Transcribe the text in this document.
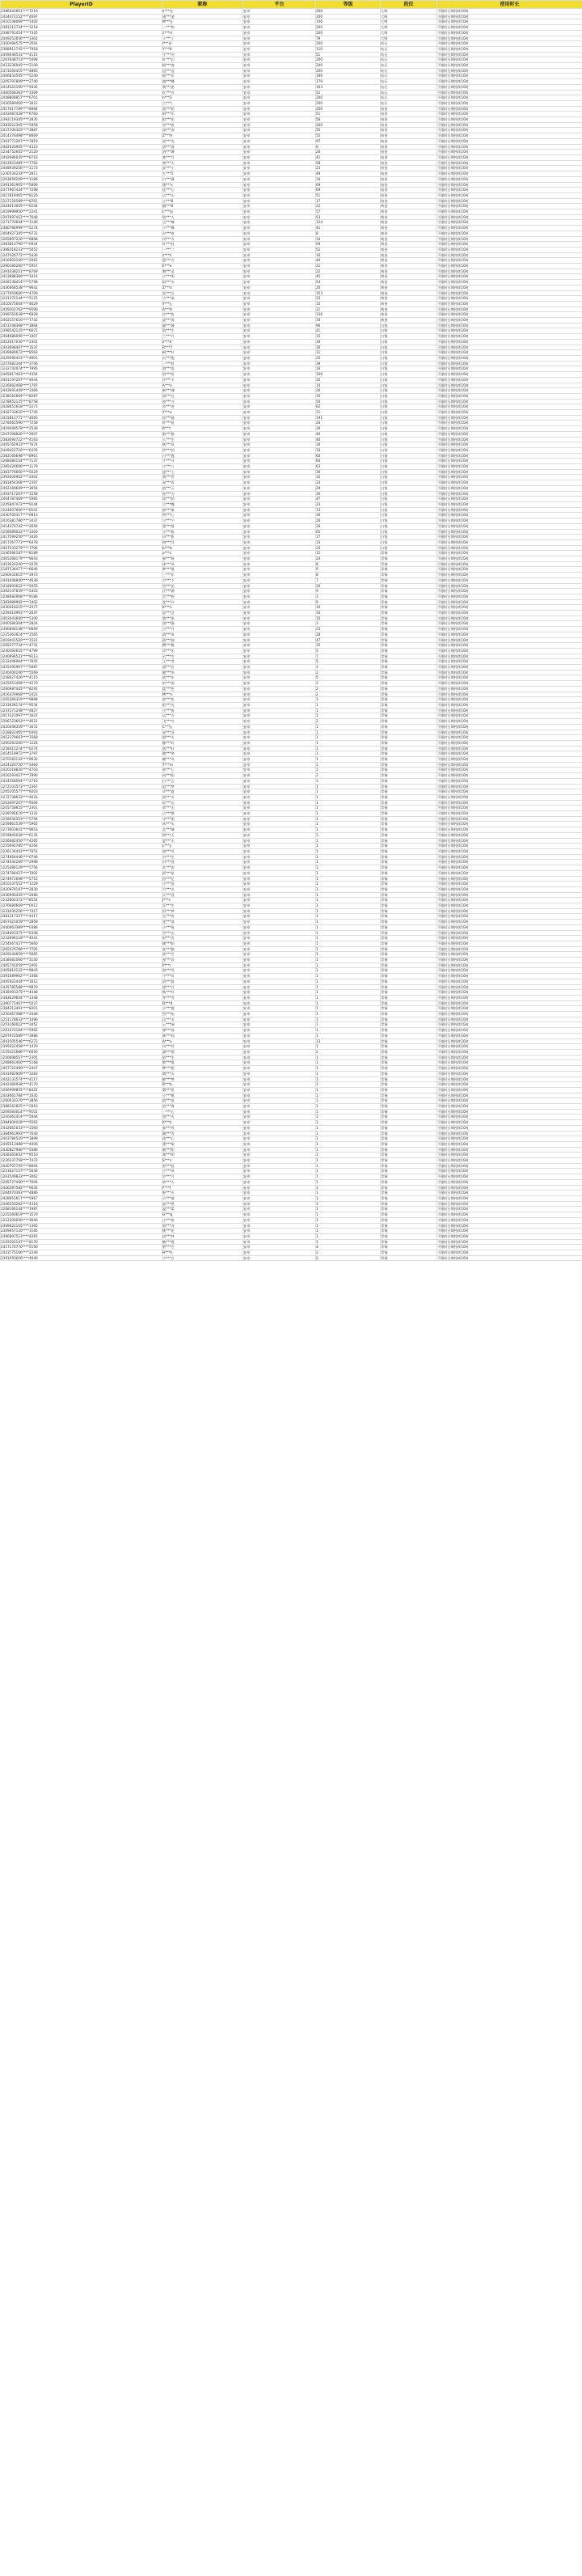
PlayerID	昵称	平台	等级	段位	使用时长
2386441661****7216	k***克	安卓	200	大师	不限时日期持续10时
2424471152****4697	靖***凌	安卓	200	大师	不限时日期持续10时
2410148089****1402	M***y	安卓	106	大师	不限时日期持续10时
2381212734****3218	一***狗	安卓	200	大师	不限时日期持续10时
2398791454****7345	z***叶	安卓	200	大师	不限时日期持续10时
2449352656****3302	ミ***了	安卓	79	大师	不限时日期持续10时
2350494575****3591	i***星	安卓	200	钻石	不限时日期持续10时
2368911745****7918	Y***8	安卓	110	钻石	不限时日期持续10时
2449048531****4115	寸***勿	安卓	51	钻石	不限时日期持续10时
1267648753****5498	叶***幻	安卓	200	钻石	不限时日期持续10时
2423236945****2100	枫***客	安卓	200	钻石	不限时日期持续10时
2373264455****4865	逗***逗	安卓	200	钻石	不限时日期持续10时
2446833505****5240	暗***乐	安卓	196	钻石	不限时日期持续10时
1205797809****2740	旗***蝶	安卓	179	钻石	不限时日期持续10时
2414521190****5935	我***思	安卓	163	钻石	不限时日期持续10时
2400568363****3369	红***衣	安卓	52	钻石	不限时日期持续10时
2448808857****6701	h***3	安卓	200	钻石	不限时日期持续10时
2430589400****3021	言***i	安卓	200	钻石	不限时日期持续10时
2417017789****8984	莫***陌	安卓	200	铂金	不限时日期持续10时
2443487428****6760	阿***乐	安卓	51	铂金	不限时日期持续10时
2392119345****2835	阳***花	安卓	56	铂金	不限时日期持续10时
2383022305****5958	零***夜	安卓	200	铂金	不限时日期持续10时
2437106325****3887	深***深	安卓	55	铂金	不限时日期持续10时
2414376498****8669	Z***A	安卓	55	铂金	不限时日期持续10时
2393771267****7819	星***光	安卓	97	铂金	不限时日期持续10时
2462020905****4323	清***清	安卓	6	铂金	不限时日期持续10时
1234752665****2120	洛***城	安卓	26	铂金	不限时日期持续10时
2442686035****8716	寒***月	安卓	41	铂金	不限时日期持续10时
2412623485****7762	我***天	安卓	58	铂金	不限时日期持续10时
2408939256****1173	安***小	安卓	23	铂金	不限时日期持续10时
1230530233****2811	九***5	安卓	49	铂金	不限时日期持续10时
1263659209****1186	白***潇	安卓	34	铂金	不限时日期持续10时
2391361905****5890	墨***s	安卓	69	铂金	不限时日期持续10时
2377967434****7298	佳***心	安卓	69	铂金	不限时日期持续10时
2417819465****8125	山***山	安卓	51	铂金	不限时日期持续10时
1237124589****8761	小***8	安卓	17	铂金	不限时日期持续10时
2424613005****6244	随***8	安卓	22	黄金	不限时日期持续10时
2419999950****2241	L***高	安卓	57	黄金	不限时日期持续10时
1267697452****7648	牧***人	安卓	53	黄金	不限时日期持续10时
1271770694****1146	玉***城	安卓	124	黄金	不限时日期持续10时
2380784999****5274	小***舞	安卓	41	黄金	不限时日期持续10时
2404927345****9731	夕***夜	安卓	8	黄金	不限时日期持续10时
1265897226****6898	风***火	安卓	34	黄金	不限时日期持续10时
2383813796****0924	叶***轻	安卓	59	黄金	不限时日期持续10时
2388318233****5052	一***二	安卓	52	黄金	不限时日期持续10时
1247426772****5436	z***h	安卓	16	黄金	不限时日期持续10时
2416903160****2062	蓝***天	安卓	40	黄金	不限时日期持续10时
2390180260****5957	E***e	安卓	21	黄金	不限时日期持续10时
2391038251****8769	舞***灵	安卓	22	黄金	不限时日期持续10时
2423688389****3414	小***明	安卓	45	黄金	不限时日期持续10时
2428138414****5798	似***水	安卓	54	黄金	不限时日期持续10时
2436068538****9642	Z***o	安卓	20	黄金	不限时日期持续10时
2377050606****4709	苏***白	安卓	153	黄金	不限时日期持续10时
1231372144****5125	小***弟	安卓	23	黄金	不限时日期持续10时
2410075664****4629	Y***y	安卓	15	黄金	不限时日期持续10时
2449302762****9590	A***A	安卓	21	黄金	不限时日期持续10时
2399762638****6928	冷***色	安卓	136	黄金	不限时日期持续10时
2402257616****7742	虎***虎	安卓	34	黄金	不限时日期持续10时
2451548368****3864	倾***城	安卓	90	白银	不限时日期持续10时
2398542125****6671	莫***生	安卓	41	白银	不限时日期持续10时
2404686095****1007	兰***月	安卓	15	白银	不限时日期持续10时
2412017030****2401	z***d	安卓	30	白银	不限时日期持续10时
2443698407****3537	R***7	安卓	16	白银	不限时日期持续10时
2439680672****8563	枫***叶	安卓	11	白银	不限时日期持续10时
2429394421****4601	天***绝	安卓	25	白银	不限时日期持续10时
1257682344****3746	一***样	安卓	39	白银	不限时日期持续10时
1232742074****7995	莫***语	安卓	16	白银	不限时日期持续10时
2405817463****4354	哈***哈	安卓	106	白银	不限时日期持续10时
2401197207****4643	冷***卡	安卓	32	白银	不限时日期持续10时
1226682468****1797	A***e	安卓	14	白银	不限时日期持续10时
2443691449****3366	断***魂	安卓	26	白银	不限时日期持续10时
1238162669****8287	雨***过	安卓	35	白银	不限时日期持续10时
1278652125****8758	夜***刀	安卓	50	白银	不限时日期持续10时
2428651618****2271	奇***迹	安卓	62	白银	不限时日期持续10时
2442733620****1745	Y***a	安卓	11	白银	不限时日期持续10时
2415811771****4665	你***猜	安卓	191	白银	不限时日期持续10时
1278565596****7258	叶***星	安卓	26	白银	不限时日期持续10时
2419449578****2539	R***r	安卓	30	白银	不限时日期持续10时
1247308826****2607	狼***狼	安卓	40	白银	不限时日期持续10时
2383094722****4163	人***生	安卓	40	白银	不限时日期持续10时
2445762923****7674	秋***风	安卓	30	白银	不限时日期持续10时
2449422720****0435	铃***铛	安卓	33	白银	不限时日期持续10时
2382166698****8961	白***鹿	安卓	60	白银	不限时日期持续10时
1268484154****7137	千***寻	安卓	60	白银	不限时日期持续10时
2385426606****1179	小***八	安卓	63	白银	不限时日期持续10时
2383776660****5029	凌***七	安卓	30	白银	不限时日期持续10时
2392004902****2002	我***世	安卓	32	白银	不限时日期持续10时
2381854368****2397	星***语	安卓	23	白银	不限时日期持续10时
2402160609****3654	流***云	安卓	29	白银	不限时日期持续10时
2393717267****1558	你***为	安卓	30	白银	不限时日期持续10时
2404787469****5985	淡***陌	安卓	47	白银	不限时日期持续10时
1245847472****9144	大***嘴	安卓	23	白银	不限时日期持续10时
1224607690****6541	如***果	安卓	13	白银	不限时日期持续10时
2440700317****0813	剑***心	安卓	30	白银	不限时日期持续10时
2416381786****3437	宁***宁	安卓	26	白银	不限时日期持续10时
2414370742****2659	柔***情	安卓	26	白银	不限时日期持续10时
1258089022****3300	小***陈	安卓	65	白银	不限时日期持续10时
2417599250****3426	风***影	安卓	17	白银	不限时日期持续10时
2417267773****6478	海***洋	安卓	33	白银	不限时日期持续10时
2407533279****7706	b***b	安卓	24	白银	不限时日期持续10时
1246584187****8189	a***c	安卓	12	青铜	不限时日期持续10时
2405268179****9643	春***秋	安卓	24	青铜	不限时日期持续10时
2453624240****2076	沐***风	安卓	8	青铜	不限时日期持续10时
1187536477****6646	梦***境	安卓	9	青铜	不限时日期持续10时
1260032615****3973	三***年	安卓	8	青铜	不限时日期持续10时
2441048840****4636	月***下	安卓	7	青铜	不限时日期持续10时
2418693622****5055	雪***花	安卓	20	青铜	不限时日期持续10时
2392147839****5403	江***湖	安卓	9	青铜	不限时日期持续10时
1248682908****9186	荒***野	安卓	3	青铜	不限时日期持续10时
2383989992****1402	花***开	安卓	9	青铜	不限时日期持续10时
2430410215****2377	K***n	安卓	10	青铜	不限时日期持续10时
1259410991****2637	思***念	安卓	10	青铜	不限时日期持续10时
2403443600****5300	我***来	安卓	15	青铜	不限时日期持续10时
2400584304****2824	黑***猫	安卓	3	青铜	不限时日期持续10时
2390846148****0669	古***月	安卓	23	青铜	不限时日期持续10时
1225363614****2565	清***风	安卓	28	青铜	不限时日期持续10时
2419441520****1521	孤***独	安卓	47	青铜	不限时日期持续10时
1285577734****4731	樱***桃	安卓	15	青铜	不限时日期持续10时
1240392655****4799	乐***乐	安卓	5	青铜	不限时日期持续10时
1240996521****9113	天***空	安卓	7	青铜	不限时日期持续10时
1232446064****7645	王***者	安卓	5	青铜	不限时日期持续10时
2425495967****5687	雨***后	安卓	1	青铜	不限时日期持续10时
1240404246****5569	繁***华	安卓	2	青铜	不限时日期持续10时
1238027426****4115	流***年	安卓	5	青铜	不限时日期持续10时
2425051408****4270	听***雨	安卓	1	青铜	不限时日期持续10时
1260987445****8291	蓝***色	安卓	2	青铜	不限时日期持续10时
2416370968****2421	M***n	安卓	2	青铜	不限时日期持续10时
1265266319****9888	夜***色	安卓	1	青铜	不限时日期持续10时
1233628174****9534	阳***光	安卓	1	青铜	不限时日期持续10时
1237271208****4827	小***鱼	安卓	1	青铜	不限时日期持续10时
2417221097****1637	远***方	安卓	1	青铜	不限时日期持续10时
1266723603****4621	飞***鸟	安卓	2	青铜	不限时日期持续10时
2420048359****3672	C***y	安卓	1	青铜	不限时日期持续10时
1228822465****0493	星***河	安卓	1	青铜	不限时日期持续10时
2412279663****1568	烟***火	安卓	1	青铜	不限时日期持续10时
1260262260****1224	静***好	安卓	1	青铜	不限时日期持续10时
1258415274****0274	落***叶	安卓	1	青铜	不限时日期持续10时
2414519972****3797	微***笑	安卓	1	青铜	不限时日期持续10时
1270162132****9632	晚***风	安卓	1	青铜	不限时日期持续10时
2424326726****3460	T***m	安卓	1	青铜	不限时日期持续10时
2420318826****4703	初***心	安卓	1	青铜	不限时日期持续10时
2416293427****7890	向***阳	安卓	2	青铜	不限时日期持续10时
2424358594****2716	白***云	安卓	1	青铜	不限时日期持续10时
1272103573****2367	追***梦	安卓	1	青铜	不限时日期持续10时
1205205577****9203	半***夏	安卓	1	青铜	不限时日期持续10时
1272738633****4631	雨***天	安卓	1	青铜	不限时日期持续10时
1263097207****9306	好***运	安卓	1	青铜	不限时日期持续10时
1205758655****2301	青***山	安卓	1	青铜	不限时日期持续10时
1228785676****1332	小***猪	安卓	1	青铜	不限时日期持续10时
1258544353****5794	守***望	安卓	1	青铜	不限时日期持续10时
1259861539****5965	木***头	安卓	1	青铜	不限时日期持续10时
1273603641****9653	北***城	安卓	1	青铜	不限时日期持续10时
1259845028****6135	明***天	安卓	1	青铜	不限时日期持续10时
1226682450****4265	夏***天	安卓	1	青铜	不限时日期持续10时
1255692785****4264	L***y	安卓	1	青铜	不限时日期持续10时
1226134443****7651	南***风	安卓	1	青铜	不限时日期持续10时
1274064446****0746	书***生	安卓	1	青铜	不限时日期持续10时
1274042269****2998	归***途	安卓	1	青铜	不限时日期持续10时
1225486129****5756	长***安	安卓	1	青铜	不限时日期持续10时
1274784427****7092	孤***星	安卓	1	青铜	不限时日期持续10时
1274971698****5751	回***忆	安卓	1	青铜	不限时日期持续10时
2410337552****1229	小***虎	安卓	1	青铜	不限时日期持续10时
2420979197****2830	月***光	安卓	1	青铜	不限时日期持续10时
2436990445****2080	天***涯	安卓	1	青铜	不限时日期持续10时
1232804372****8554	J***n	安卓	1	青铜	不限时日期持续10时
1276680669****0012	浮***生	安卓	1	青铜	不限时日期持续10时
1231635256****7417	旧***梦	安卓	1	青铜	不限时日期持续10时
2381317357****4417	无***忧	安卓	1	青铜	不限时日期持续10时
2407421059****2859	花***落	安卓	1	青铜	不限时日期持续10时
2440063389****0386	小***兔	安卓	1	青铜	不限时日期持续10时
1244403375****6348	雪***山	安卓	1	青铜	不限时日期持续10时
1232696118****4041	时***光	安卓	1	青铜	不限时日期持续10时
1254067437****5660	暖***阳	安卓	1	青铜	不限时日期持续10时
1265576786****7705	灰***狼	安卓	1	青铜	不限时日期持续10时
2439244659****5665	夜***空	安卓	1	青铜	不限时日期持续10时
2438081066****3140	星***辰	安卓	1	青铜	不限时日期持续10时
2405741059****2491	P***r	安卓	1	青铜	不限时日期持续10时
2405810122****9843	海***风	安卓	1	青铜	不限时日期持续10时
2391689962****1468	不***负	安卓	1	青铜	不限时日期持续10时
2445922444****1612	清***晨	安卓	1	青铜	不限时日期持续10时
2435785588****9870	望***月	安卓	1	青铜	不限时日期持续10时
2438493375****4448	秋***叶	安卓	1	青铜	不限时日期持续10时
2383629604****1348	冬***雪	安卓	1	青铜	不限时日期持续10时
2390771467****5037	D***d	安卓	1	青铜	不限时日期持续10时
2384213491****8201	小***鹿	安卓	1	青铜	不限时日期持续10时
1250467488****2446	烈***焰	安卓	1	青铜	不限时日期持续10时
1251178633****1496	山***水	安卓	1	青铜	不限时日期持续10时
1251166022****3452	云***端	安卓	1	青铜	不限时日期持续10时
1263374184****5965	寒***冰	安卓	1	青铜	不限时日期持续10时
1267972589****3986	林***间	安卓	1	青铜	不限时日期持续10时
2441505546****6272	A***x	安卓	13	青铜	不限时日期持续10时
2395022458****1470	风***铃	安卓	1	青铜	不限时日期持续10时
1155421686****6050	潇***洒	安卓	2	青铜	不限时日期持续10时
1256698557****2305	陌***生	安卓	1	青铜	不限时日期持续10时
1268661460****5168	紫***霞	安卓	1	青铜	不限时日期持续10时
2407722490****2447	梦***想	安卓	1	青铜	不限时日期持续10时
2441982909****3283	晴***天	安卓	1	青铜	不限时日期持续10时
2442131574****4117	醉***梦	安卓	1	青铜	不限时日期持续10时
2442366938****4170	B***b	安卓	1	青铜	不限时日期持续10时
1266999855****8422	雾***里	安卓	1	青铜	不限时日期持续10时
2443061784****1635	小***熊	安卓	1	青铜	不限时日期持续10时
1260033370****3856	流***星	安卓	1	青铜	不限时日期持续10时
2388161825****2810	沧***海	安卓	1	青铜	不限时日期持续10时
1209583014****9101	一***心	安卓	1	青铜	不限时日期持续10时
1216461414****5944	萤***火	安卓	1	青铜	不限时日期持续10时
2384804028****5563	K***k	安卓	1	青铜	不限时日期持续10时
2442661633****1560	春***风	安卓	1	青铜	不限时日期持续10时
2384961993****7640	飘***雪	安卓	1	青铜	不限时日期持续10时
2443784520****3899	冰***心	安卓	1	青铜	不限时日期持续10时
2445513488****4406	墨***染	安卓	1	青铜	不限时日期持续10时
2430827980****5486	朝***阳	安卓	1	青铜	不限时日期持续10时
2438365602****9510	黎***明	安卓	1	青铜	不限时日期持续10时
1226237758****7472	S***s	安卓	1	青铜	不限时日期持续10时
2440707705****8004	彩***虹	安卓	1	青铜	不限时日期持续10时
1221627157****5646	小***草	安卓	1	青铜	不限时日期持续10时
1261549833****3062	岁***月	安卓	1	青铜	不限时日期持续10时
1205727490****7606	故***人	安卓	1	青铜	不限时日期持续10时
2446287582****9035	F***f	安卓	1	青铜	不限时日期持续10时
1264070393****4886	野***火	安卓	1	青铜	不限时日期持续10时
2428651617****5967	天***使	安卓	1	青铜	不限时日期持续10时
2446550262****4316	安***然	安卓	1	青铜	不限时日期持续10时
1268166144****1987	温***柔	安卓	1	青铜	不限时日期持续10时
1225560619****3570	G***g	安卓	1	青铜	不限时日期持续10时
1212200050****3646	小***星	安卓	1	青铜	不限时日期持续10时
2449622105****1365	银***河	安卓	1	青铜	不限时日期持续10时
2309957120****3185	桃***花	安卓	1	青铜	不限时日期持续10时
2396897513****4265	雨***林	安卓	1	青铜	不限时日期持续10时
1155502167****8170	晚***霞	安卓	1	青铜	不限时日期持续10时
2417174770****5190	碧***空	安卓	4	青铜	不限时日期持续10时
2423775166****2240	H***h	安卓	2	青铜	不限时日期持续10时
2391593026****4646	小***白	安卓	2	青铜	不限时日期持续10时
